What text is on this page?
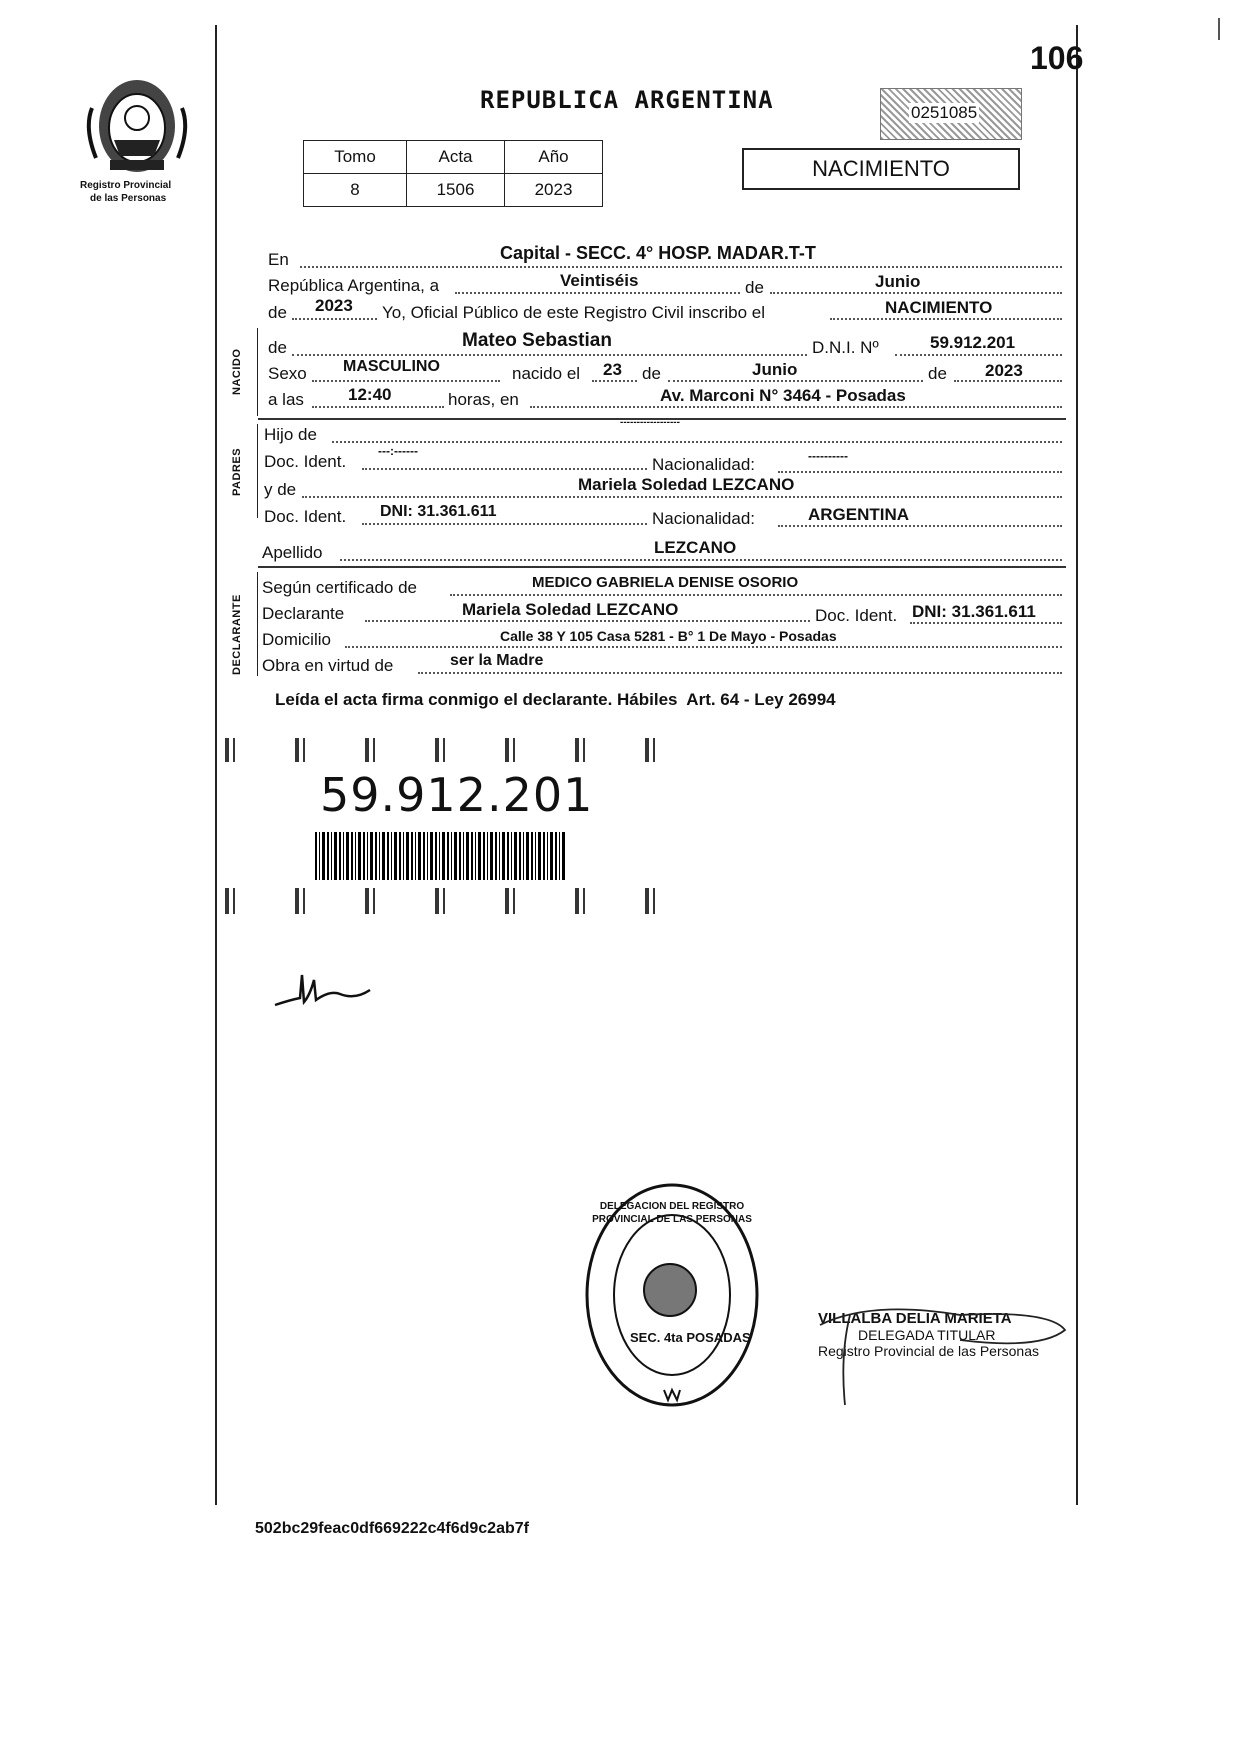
106
Registro Provincial
de las Personas
REPUBLICA ARGENTINA	0251085
NACIMIENTO
Tomo	Acta	Año
8	1506	2023
NACIDO
PADRES
DECLARANTE
En	Capital - SECC. 4° HOSP. MADAR.T-T
República Argentina, a	Veintiséis	de	Junio
de 2023 Yo, Oficial Público de este Registro Civil inscribo el	NACIMIENTO
de	Mateo Sebastian	D.N.I. Nº	59.912.201
Sexo MASCULINO	nacido el 23 de	Junio	de 2023
a las	12:40	horas, en	Av. Marconi N° 3464 - Posadas
Hijo de
------------------
Doc. Ident.
---:------
Nacionalidad:	----------
y de	Mariela Soledad LEZCANO
Doc. Ident. DNI: 31.361.611	Nacionalidad:	ARGENTINA
Apellido	LEZCANO
Según certificado de	MEDICO GABRIELA DENISE OSORIO
Declarante	Mariela Soledad LEZCANO	Doc. Ident. DNI: 31.361.611
Domicilio	Calle 38 Y 105 Casa 5281 - B° 1 De Mayo - Posadas
Obra en virtud de	ser la Madre
Leída el acta firma conmigo el declarante. Hábiles  Art. 64 - Ley 26994
59.912.201
DELEGACION DEL REGISTRO PROVINCIAL DE LAS PERSONAS
SEC. 4ta POSADAS
VILLALBA DELIA MARIETA
DELEGADA TITULAR
Registro Provincial de las Personas
502bc29feac0df669222c4f6d9c2ab7f
